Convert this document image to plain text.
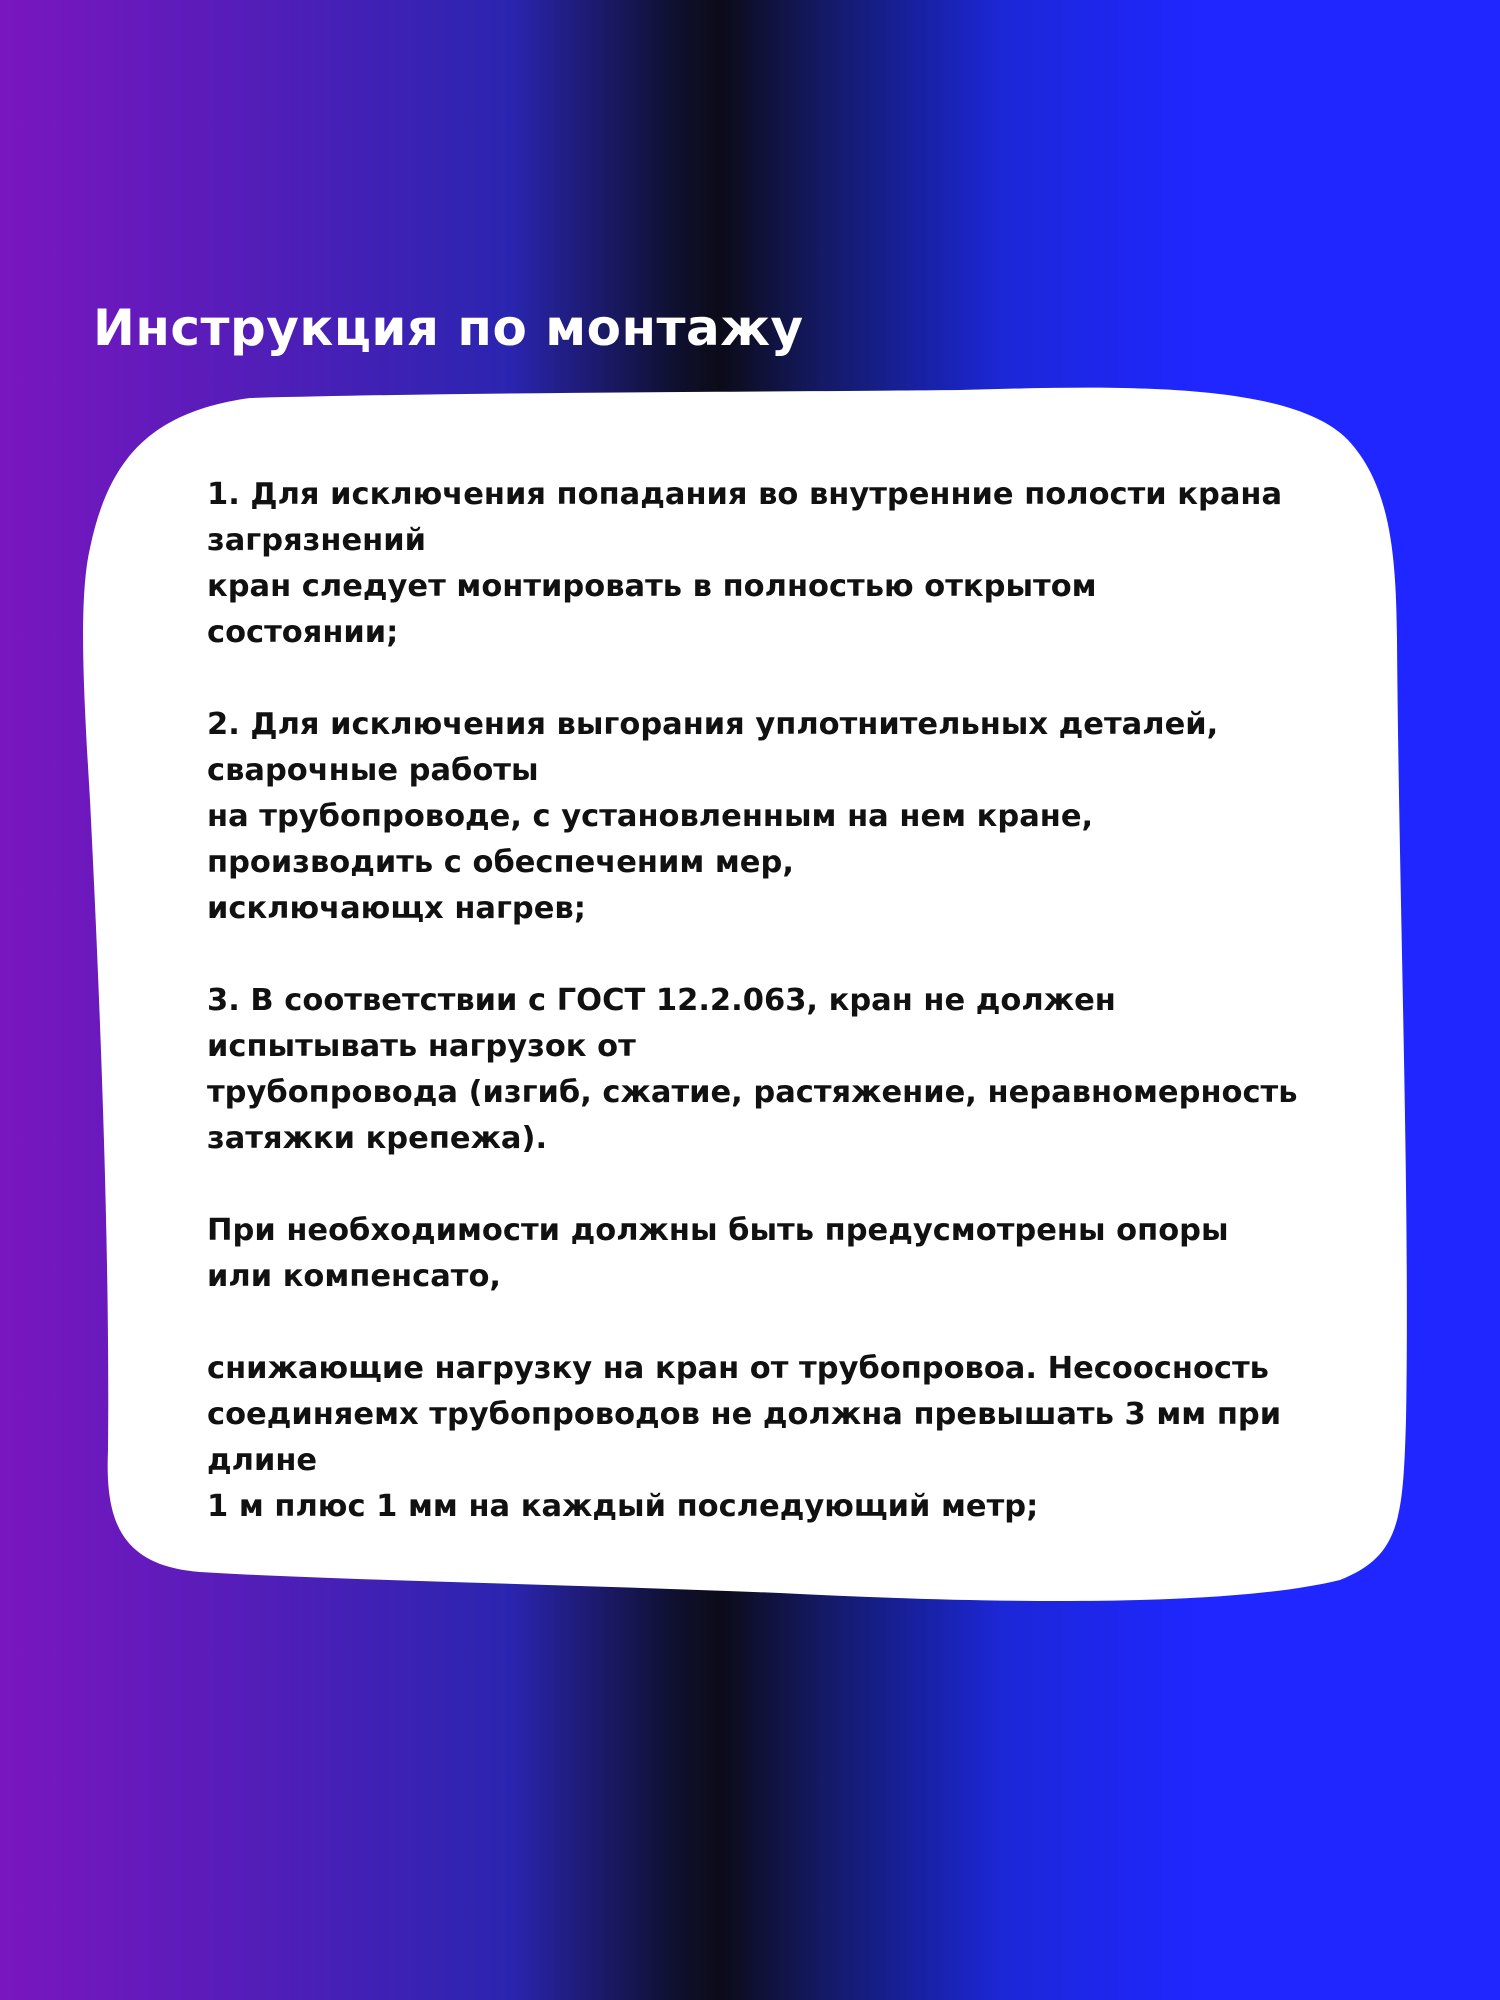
Инструкция по монтажу
1. Для исключения попадания во внутренние полости крана
загрязнений
кран следует монтировать в полностью открытом
состоянии;
2. Для исключения выгорания уплотнительных деталей,
сварочные работы
на трубопроводе, с установленным на нем кране,
производить с обеспеченим мер,
исключающх нагрев;
3. В соответствии с ГОСТ 12.2.063, кран не должен
испытывать нагрузок от
трубопровода (изгиб, сжатие, растяжение, неравномерность
затяжки крепежа).
При необходимости должны быть предусмотрены опоры
или компенсато,
снижающие нагрузку на кран от трубопровоа. Несоосность
соединяемх трубопроводов не должна превышать 3 мм при
длине
1 м плюс 1 мм на каждый последующий метр;
